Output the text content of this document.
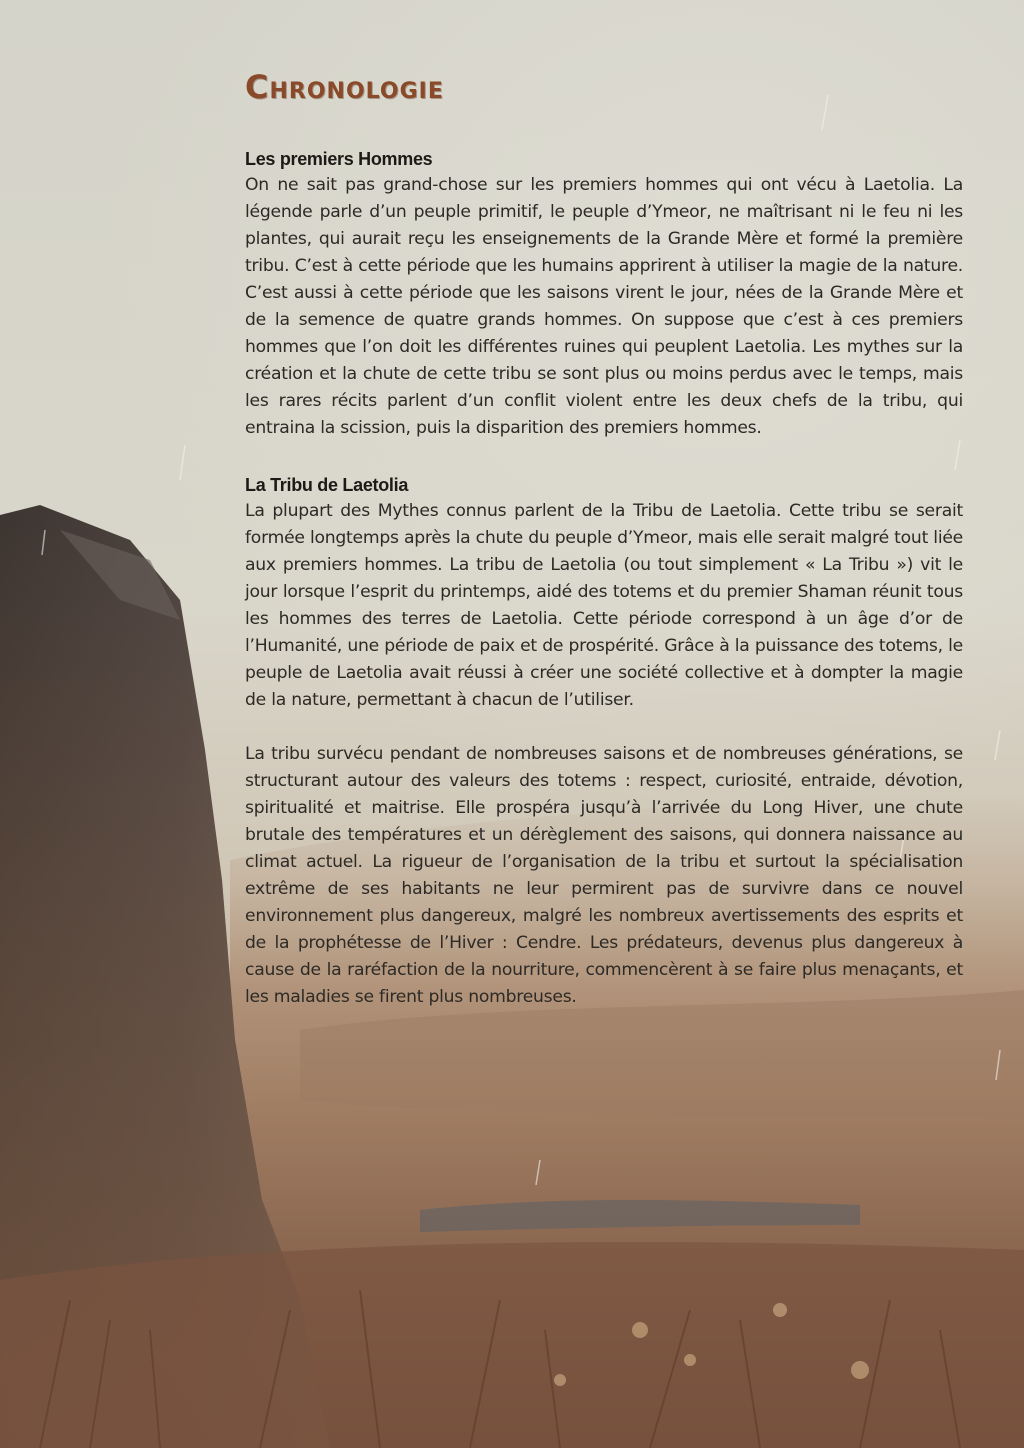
Chronologie
Les premiers Hommes

On ne sait pas grand-chose sur les premiers hommes qui ont vécu à Laetolia. La légende parle d’un peuple primitif, le peuple d’Ymeor, ne maîtrisant ni le feu ni les plantes, qui aurait reçu les enseignements de la Grande Mère et formé la première tribu. C’est à cette période que les humains apprirent à utiliser la magie de la nature. C’est aussi à cette période que les saisons virent le jour, nées de la Grande Mère et de la semence de quatre grands hommes. On suppose que c’est à ces premiers hommes que l’on doit les différentes ruines qui peuplent Laetolia. Les mythes sur la création et la chute de cette tribu se sont plus ou moins perdus avec le temps, mais les rares récits parlent d’un conflit violent entre les deux chefs de la tribu, qui entraina la scission, puis la disparition des premiers hommes.

La Tribu de Laetolia

La plupart des Mythes connus parlent de la Tribu de Laetolia. Cette tribu se serait formée longtemps après la chute du peuple d’Ymeor, mais elle serait malgré tout liée aux premiers hommes. La tribu de Laetolia (ou tout simplement « La Tribu ») vit le jour lorsque l’esprit du printemps, aidé des totems et du premier Shaman réunit tous les hommes des terres de Laetolia. Cette période correspond à un âge d’or de l’Humanité, une période de paix et de prospérité. Grâce à la puissance des totems, le peuple de Laetolia avait réussi à créer une société collective et à dompter la magie de la nature, permettant à chacun de l’utiliser.

La tribu survécu pendant de nombreuses saisons et de nombreuses générations, se structurant autour des valeurs des totems : respect, curiosité, entraide, dévotion, spiritualité et maitrise. Elle prospéra jusqu’à l’arrivée du Long Hiver, une chute brutale des températures et un dérèglement des saisons, qui donnera naissance au climat actuel. La rigueur de l’organisation de la tribu et surtout la spécialisation extrême de ses habitants ne leur permirent pas de survivre dans ce nouvel environnement plus dangereux, malgré les nombreux avertissements des esprits et de la prophétesse de l’Hiver : Cendre. Les prédateurs, devenus plus dangereux à cause de la raréfaction de la nourriture, commencèrent à se faire plus menaçants, et les maladies se firent plus nombreuses.
